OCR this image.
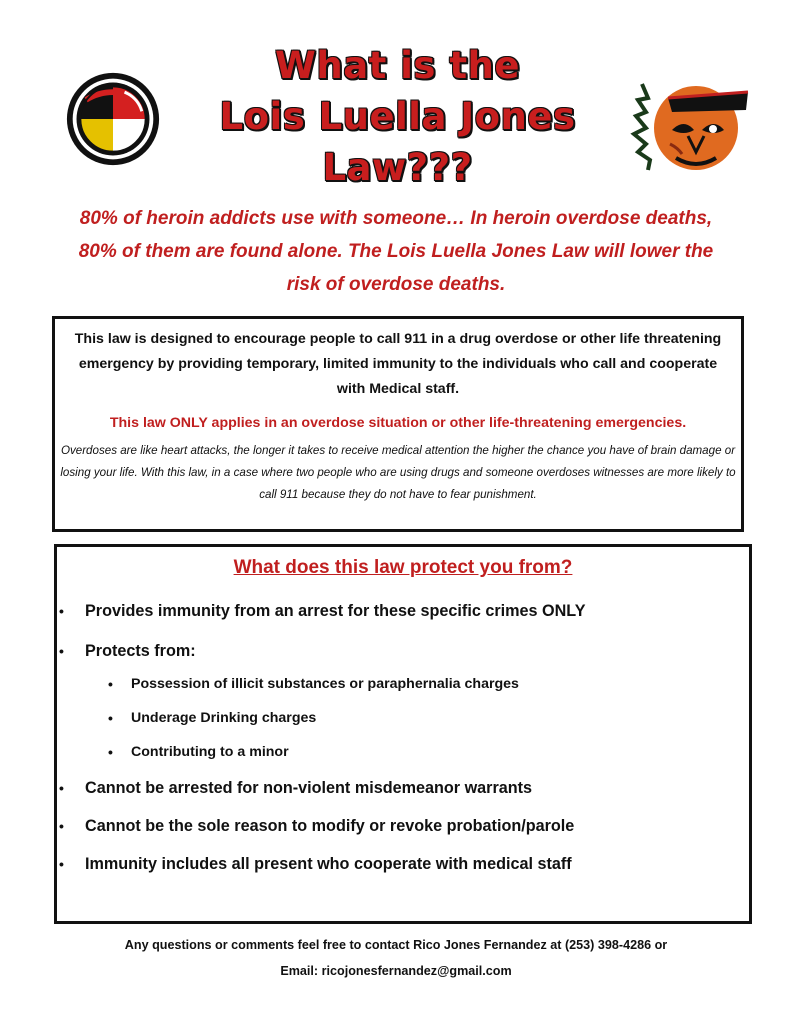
What is the
Lois Luella Jones
Law???
80% of heroin addicts use with someone… In heroin overdose deaths,
80% of them are found alone. The Lois Luella Jones Law will lower the
risk of overdose deaths.
This law is designed to encourage people to call 911 in a drug overdose or other life threatening emergency by providing temporary, limited immunity to the individuals who call and cooperate with Medical staff.
This law ONLY applies in an overdose situation or other life-threatening emergencies.
Overdoses are like heart attacks, the longer it takes to receive medical attention the higher the chance you have of brain damage or losing your life. With this law, in a case where two people who are using drugs and someone overdoses witnesses are more likely to call 911 because they do not have to fear punishment.
What does this law protect you from?
• Provides immunity from an arrest for these specific crimes ONLY
• Protects from:
• Possession of illicit substances or paraphernalia charges
• Underage Drinking charges
• Contributing to a minor
• Cannot be arrested for non-violent misdemeanor warrants
• Cannot be the sole reason to modify or revoke probation/parole
• Immunity includes all present who cooperate with medical staff
Any questions or comments feel free to contact Rico Jones Fernandez at (253) 398-4286 or
Email: ricojonesfernandez@gmail.com
